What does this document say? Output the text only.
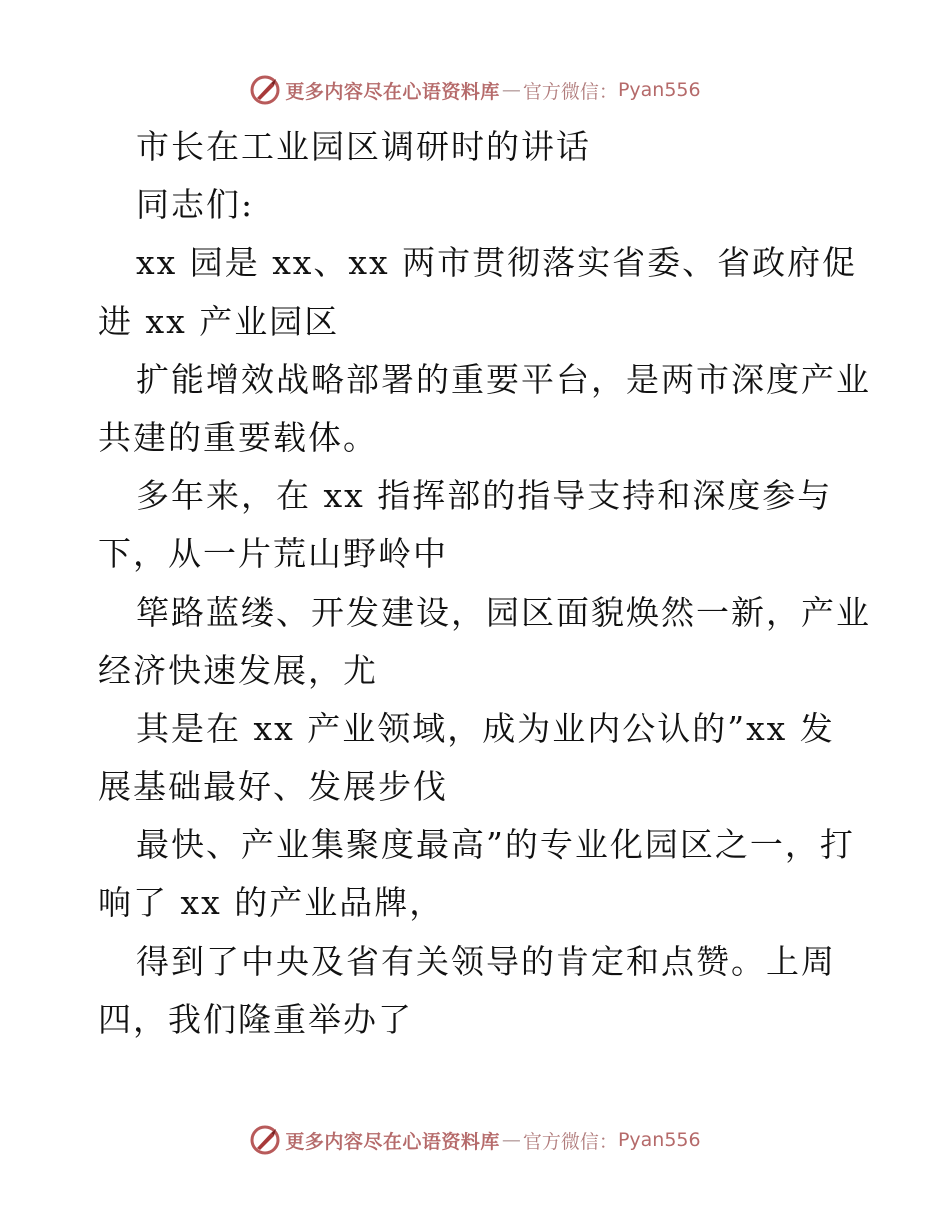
更多内容尽在心语资料库 — 官方微信： Pyan556
市长在工业园区调研时的讲话
同志们:
xx 园是 xx、xx 两市贯彻落实省委、省政府促
进 xx 产业园区
扩能增效战略部署的重要平台，是两市深度产业
共建的重要载体。
多年来，在 xx 指挥部的指导支持和深度参与
下，从一片荒山野岭中
筚路蓝缕、开发建设，园区面貌焕然一新，产业
经济快速发展，尤
其是在 xx 产业领域，成为业内公认的”xx 发
展基础最好、发展步伐
最快、产业集聚度最高”的专业化园区之一，打
响了 xx 的产业品牌，
得到了中央及省有关领导的肯定和点赞。上周
四，我们隆重举办了
更多内容尽在心语资料库 — 官方微信： Pyan556
